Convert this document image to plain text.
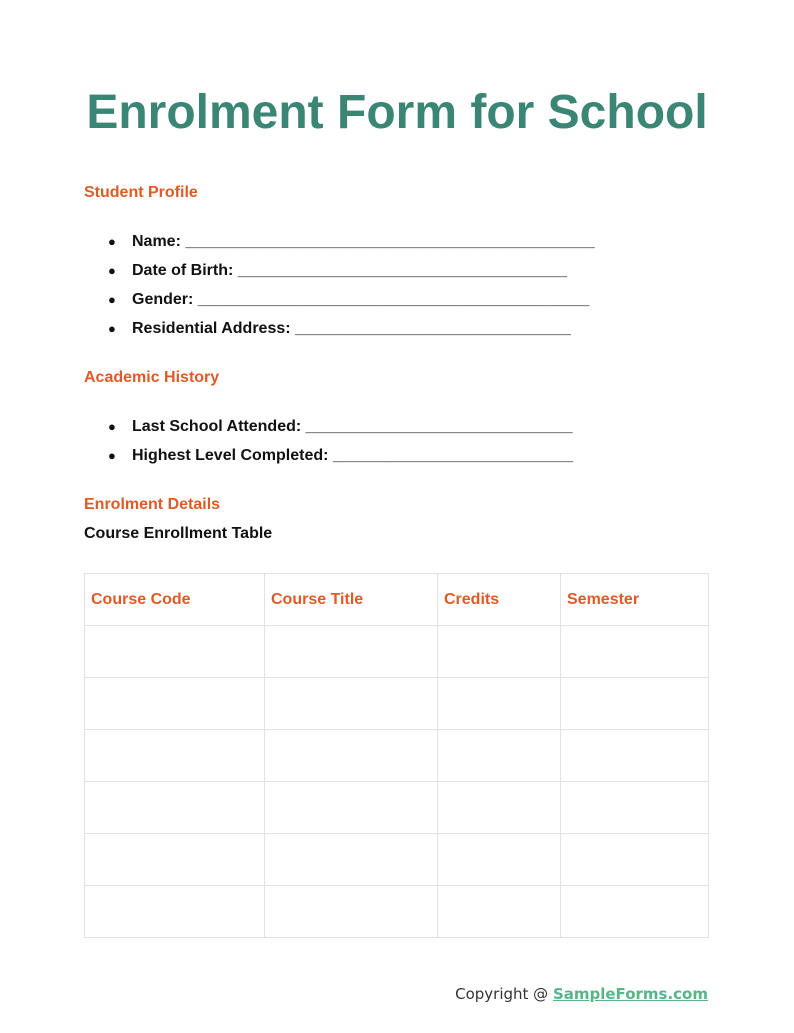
Enrolment Form for School
Student Profile
● Name: ______________________________________________
● Date of Birth: _____________________________________
● Gender: ____________________________________________
● Residential Address: _______________________________
Academic History
● Last School Attended: ______________________________
● Highest Level Completed: ___________________________
Enrolment Details
Course Enrollment Table
Course Code	Course Title	Credits	Semester

Copyright @ SampleForms.com
